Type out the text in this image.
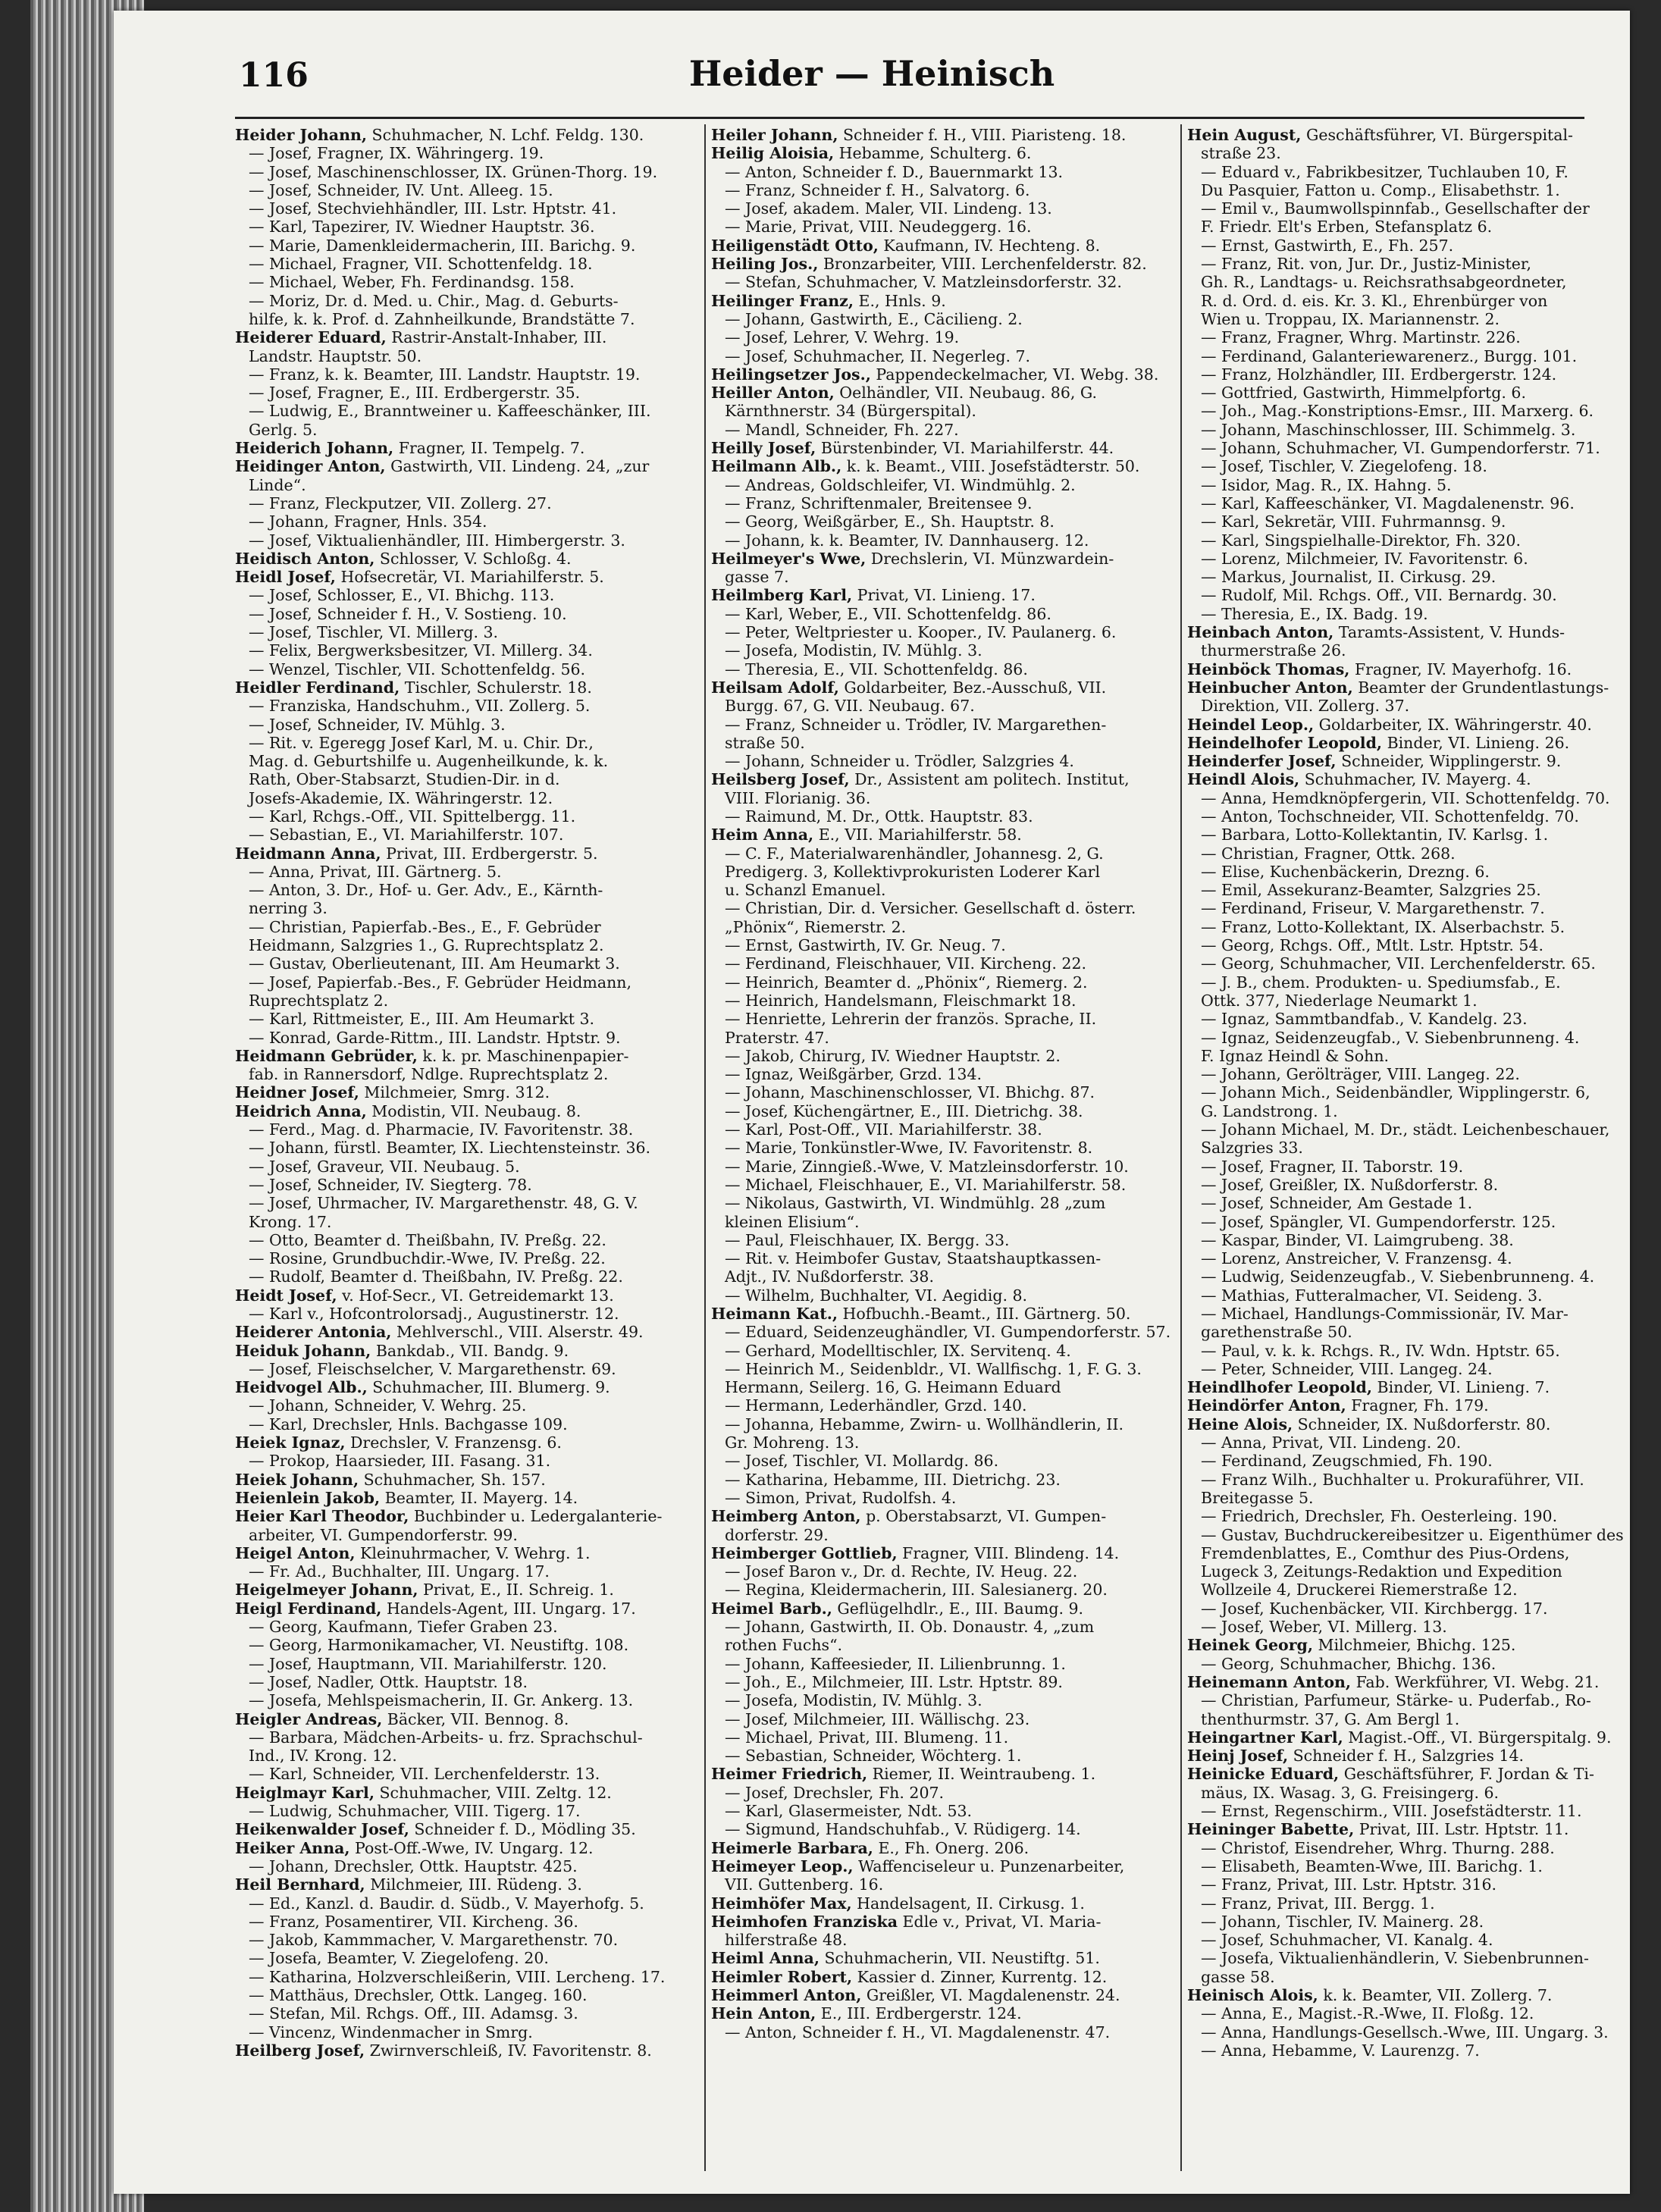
116	Heider — Heinisch
Heider Johann, Schuhmacher, N. Lchf. Feldg. 130.
— Josef, Fragner, IX. Währingerg. 19.
— Josef, Maschinenschlosser, IX. Grünen-Thorg. 19.
— Josef, Schneider, IV. Unt. Alleeg. 15.
— Josef, Stechviehhändler, III. Lstr. Hptstr. 41.
— Karl, Tapezirer, IV. Wiedner Hauptstr. 36.
— Marie, Damenkleidermacherin, III. Barichg. 9.
— Michael, Fragner, VII. Schottenfeldg. 18.
— Michael, Weber, Fh. Ferdinandsg. 158.
— Moriz, Dr. d. Med. u. Chir., Mag. d. Geburts-
hilfe, k. k. Prof. d. Zahnheilkunde, Brandstätte 7.
Heiderer Eduard, Rastrir-Anstalt-Inhaber, III.
Landstr. Hauptstr. 50.
— Franz, k. k. Beamter, III. Landstr. Hauptstr. 19.
— Josef, Fragner, E., III. Erdbergerstr. 35.
— Ludwig, E., Branntweiner u. Kaffeeschänker, III.
Gerlg. 5.
Heiderich Johann, Fragner, II. Tempelg. 7.
Heidinger Anton, Gastwirth, VII. Lindeng. 24, „zur
Linde“.
— Franz, Fleckputzer, VII. Zollerg. 27.
— Johann, Fragner, Hnls. 354.
— Josef, Viktualienhändler, III. Himbergerstr. 3.
Heidisch Anton, Schlosser, V. Schloßg. 4.
Heidl Josef, Hofsecretär, VI. Mariahilferstr. 5.
— Josef, Schlosser, E., VI. Bhichg. 113.
— Josef, Schneider f. H., V. Sostieng. 10.
— Josef, Tischler, VI. Millerg. 3.
— Felix, Bergwerksbesitzer, VI. Millerg. 34.
— Wenzel, Tischler, VII. Schottenfeldg. 56.
Heidler Ferdinand, Tischler, Schulerstr. 18.
— Franziska, Handschuhm., VII. Zollerg. 5.
— Josef, Schneider, IV. Mühlg. 3.
— Rit. v. Egeregg Josef Karl, M. u. Chir. Dr.,
Mag. d. Geburtshilfe u. Augenheilkunde, k. k.
Rath, Ober-Stabsarzt, Studien-Dir. in d.
Josefs-Akademie, IX. Währingerstr. 12.
— Karl, Rchgs.-Off., VII. Spittelbergg. 11.
— Sebastian, E., VI. Mariahilferstr. 107.
Heidmann Anna, Privat, III. Erdbergerstr. 5.
— Anna, Privat, III. Gärtnerg. 5.
— Anton, 3. Dr., Hof- u. Ger. Adv., E., Kärnth-
nerring 3.
— Christian, Papierfab.-Bes., E., F. Gebrüder
Heidmann, Salzgries 1., G. Ruprechtsplatz 2.
— Gustav, Oberlieutenant, III. Am Heumarkt 3.
— Josef, Papierfab.-Bes., F. Gebrüder Heidmann,
Ruprechtsplatz 2.
— Karl, Rittmeister, E., III. Am Heumarkt 3.
— Konrad, Garde-Rittm., III. Landstr. Hptstr. 9.
Heidmann Gebrüder, k. k. pr. Maschinenpapier-
fab. in Rannersdorf, Ndlge. Ruprechtsplatz 2.
Heidner Josef, Milchmeier, Smrg. 312.
Heidrich Anna, Modistin, VII. Neubaug. 8.
— Ferd., Mag. d. Pharmacie, IV. Favoritenstr. 38.
— Johann, fürstl. Beamter, IX. Liechtensteinstr. 36.
— Josef, Graveur, VII. Neubaug. 5.
— Josef, Schneider, IV. Siegterg. 78.
— Josef, Uhrmacher, IV. Margarethenstr. 48, G. V.
Krong. 17.
— Otto, Beamter d. Theißbahn, IV. Preßg. 22.
— Rosine, Grundbuchdir.-Wwe, IV. Preßg. 22.
— Rudolf, Beamter d. Theißbahn, IV. Preßg. 22.
Heidt Josef, v. Hof-Secr., VI. Getreidemarkt 13.
— Karl v., Hofcontrolorsadj., Augustinerstr. 12.
Heiderer Antonia, Mehlverschl., VIII. Alserstr. 49.
Heiduk Johann, Bankdab., VII. Bandg. 9.
— Josef, Fleischselcher, V. Margarethenstr. 69.
Heidvogel Alb., Schuhmacher, III. Blumerg. 9.
— Johann, Schneider, V. Wehrg. 25.
— Karl, Drechsler, Hnls. Bachgasse 109.
Heiek Ignaz, Drechsler, V. Franzensg. 6.
— Prokop, Haarsieder, III. Fasang. 31.
Heiek Johann, Schuhmacher, Sh. 157.
Heienlein Jakob, Beamter, II. Mayerg. 14.
Heier Karl Theodor, Buchbinder u. Ledergalanterie-
arbeiter, VI. Gumpendorferstr. 99.
Heigel Anton, Kleinuhrmacher, V. Wehrg. 1.
— Fr. Ad., Buchhalter, III. Ungarg. 17.
Heigelmeyer Johann, Privat, E., II. Schreig. 1.
Heigl Ferdinand, Handels-Agent, III. Ungarg. 17.
— Georg, Kaufmann, Tiefer Graben 23.
— Georg, Harmonikamacher, VI. Neustiftg. 108.
— Josef, Hauptmann, VII. Mariahilferstr. 120.
— Josef, Nadler, Ottk. Hauptstr. 18.
— Josefa, Mehlspeismacherin, II. Gr. Ankerg. 13.
Heigler Andreas, Bäcker, VII. Bennog. 8.
— Barbara, Mädchen-Arbeits- u. frz. Sprachschul-
Ind., IV. Krong. 12.
— Karl, Schneider, VII. Lerchenfelderstr. 13.
Heiglmayr Karl, Schuhmacher, VIII. Zeltg. 12.
— Ludwig, Schuhmacher, VIII. Tigerg. 17.
Heikenwalder Josef, Schneider f. D., Mödling 35.
Heiker Anna, Post-Off.-Wwe, IV. Ungarg. 12.
— Johann, Drechsler, Ottk. Hauptstr. 425.
Heil Bernhard, Milchmeier, III. Rüdeng. 3.
— Ed., Kanzl. d. Baudir. d. Südb., V. Mayerhofg. 5.
— Franz, Posamentirer, VII. Kircheng. 36.
— Jakob, Kammmacher, V. Margarethenstr. 70.
— Josefa, Beamter, V. Ziegelofeng. 20.
— Katharina, Holzverschleißerin, VIII. Lercheng. 17.
— Matthäus, Drechsler, Ottk. Langeg. 160.
— Stefan, Mil. Rchgs. Off., III. Adamsg. 3.
— Vincenz, Windenmacher in Smrg.
Heilberg Josef, Zwirnverschleiß, IV. Favoritenstr. 8.
Heiler Johann, Schneider f. H., VIII. Piaristeng. 18.
Heilig Aloisia, Hebamme, Schulterg. 6.
— Anton, Schneider f. D., Bauernmarkt 13.
— Franz, Schneider f. H., Salvatorg. 6.
— Josef, akadem. Maler, VII. Lindeng. 13.
— Marie, Privat, VIII. Neudeggerg. 16.
Heiligenstädt Otto, Kaufmann, IV. Hechteng. 8.
Heiling Jos., Bronzarbeiter, VIII. Lerchenfelderstr. 82.
— Stefan, Schuhmacher, V. Matzleinsdorferstr. 32.
Heilinger Franz, E., Hnls. 9.
— Johann, Gastwirth, E., Cäcilieng. 2.
— Josef, Lehrer, V. Wehrg. 19.
— Josef, Schuhmacher, II. Negerleg. 7.
Heilingsetzer Jos., Pappendeckelmacher, VI. Webg. 38.
Heiller Anton, Oelhändler, VII. Neubaug. 86, G.
Kärnthnerstr. 34 (Bürgerspital).
— Mandl, Schneider, Fh. 227.
Heilly Josef, Bürstenbinder, VI. Mariahilferstr. 44.
Heilmann Alb., k. k. Beamt., VIII. Josefstädterstr. 50.
— Andreas, Goldschleifer, VI. Windmühlg. 2.
— Franz, Schriftenmaler, Breitensee 9.
— Georg, Weißgärber, E., Sh. Hauptstr. 8.
— Johann, k. k. Beamter, IV. Dannhauserg. 12.
Heilmeyer's Wwe, Drechslerin, VI. Münzwardein-
gasse 7.
Heilmberg Karl, Privat, VI. Linieng. 17.
— Karl, Weber, E., VII. Schottenfeldg. 86.
— Peter, Weltpriester u. Kooper., IV. Paulanerg. 6.
— Josefa, Modistin, IV. Mühlg. 3.
— Theresia, E., VII. Schottenfeldg. 86.
Heilsam Adolf, Goldarbeiter, Bez.-Ausschuß, VII.
Burgg. 67, G. VII. Neubaug. 67.
— Franz, Schneider u. Trödler, IV. Margarethen-
straße 50.
— Johann, Schneider u. Trödler, Salzgries 4.
Heilsberg Josef, Dr., Assistent am politech. Institut,
VIII. Florianig. 36.
— Raimund, M. Dr., Ottk. Hauptstr. 83.
Heim Anna, E., VII. Mariahilferstr. 58.
— C. F., Materialwarenhändler, Johannesg. 2, G.
Predigerg. 3, Kollektivprokuristen Loderer Karl
u. Schanzl Emanuel.
— Christian, Dir. d. Versicher. Gesellschaft d. österr.
„Phönix“, Riemerstr. 2.
— Ernst, Gastwirth, IV. Gr. Neug. 7.
— Ferdinand, Fleischhauer, VII. Kircheng. 22.
— Heinrich, Beamter d. „Phönix“, Riemerg. 2.
— Heinrich, Handelsmann, Fleischmarkt 18.
— Henriette, Lehrerin der französ. Sprache, II.
Praterstr. 47.
— Jakob, Chirurg, IV. Wiedner Hauptstr. 2.
— Ignaz, Weißgärber, Grzd. 134.
— Johann, Maschinenschlosser, VI. Bhichg. 87.
— Josef, Küchengärtner, E., III. Dietrichg. 38.
— Karl, Post-Off., VII. Mariahilferstr. 38.
— Marie, Tonkünstler-Wwe, IV. Favoritenstr. 8.
— Marie, Zinngieß.-Wwe, V. Matzleinsdorferstr. 10.
— Michael, Fleischhauer, E., VI. Mariahilferstr. 58.
— Nikolaus, Gastwirth, VI. Windmühlg. 28 „zum
kleinen Elisium“.
— Paul, Fleischhauer, IX. Bergg. 33.
— Rit. v. Heimbofer Gustav, Staatshauptkassen-
Adjt., IV. Nußdorferstr. 38.
— Wilhelm, Buchhalter, VI. Aegidig. 8.
Heimann Kat., Hofbuchh.-Beamt., III. Gärtnerg. 50.
— Eduard, Seidenzeughändler, VI. Gumpendorferstr. 57.
— Gerhard, Modelltischler, IX. Servitenq. 4.
— Heinrich M., Seidenbldr., VI. Wallfischg. 1, F. G. 3.
Hermann, Seilerg. 16, G. Heimann Eduard
— Hermann, Lederhändler, Grzd. 140.
— Johanna, Hebamme, Zwirn- u. Wollhändlerin, II.
Gr. Mohreng. 13.
— Josef, Tischler, VI. Mollardg. 86.
— Katharina, Hebamme, III. Dietrichg. 23.
— Simon, Privat, Rudolfsh. 4.
Heimberg Anton, p. Oberstabsarzt, VI. Gumpen-
dorferstr. 29.
Heimberger Gottlieb, Fragner, VIII. Blindeng. 14.
— Josef Baron v., Dr. d. Rechte, IV. Heug. 22.
— Regina, Kleidermacherin, III. Salesianerg. 20.
Heimel Barb., Geflügelhdlr., E., III. Baumg. 9.
— Johann, Gastwirth, II. Ob. Donaustr. 4, „zum
rothen Fuchs“.
— Johann, Kaffeesieder, II. Lilienbrunng. 1.
— Joh., E., Milchmeier, III. Lstr. Hptstr. 89.
— Josefa, Modistin, IV. Mühlg. 3.
— Josef, Milchmeier, III. Wällischg. 23.
— Michael, Privat, III. Blumeng. 11.
— Sebastian, Schneider, Wöchterg. 1.
Heimer Friedrich, Riemer, II. Weintraubeng. 1.
— Josef, Drechsler, Fh. 207.
— Karl, Glasermeister, Ndt. 53.
— Sigmund, Handschuhfab., V. Rüdigerg. 14.
Heimerle Barbara, E., Fh. Onerg. 206.
Heimeyer Leop., Waffenciseleur u. Punzenarbeiter,
VII. Guttenberg. 16.
Heimhöfer Max, Handelsagent, II. Cirkusg. 1.
Heimhofen Franziska Edle v., Privat, VI. Maria-
hilferstraße 48.
Heiml Anna, Schuhmacherin, VII. Neustiftg. 51.
Heimler Robert, Kassier d. Zinner, Kurrentg. 12.
Heimmerl Anton, Greißler, VI. Magdalenenstr. 24.
Hein Anton, E., III. Erdbergerstr. 124.
— Anton, Schneider f. H., VI. Magdalenenstr. 47.
Hein August, Geschäftsführer, VI. Bürgerspital-
straße 23.
— Eduard v., Fabrikbesitzer, Tuchlauben 10, F.
Du Pasquier, Fatton u. Comp., Elisabethstr. 1.
— Emil v., Baumwollspinnfab., Gesellschafter der
F. Friedr. Elt's Erben, Stefansplatz 6.
— Ernst, Gastwirth, E., Fh. 257.
— Franz, Rit. von, Jur. Dr., Justiz-Minister,
Gh. R., Landtags- u. Reichsrathsabgeordneter,
R. d. Ord. d. eis. Kr. 3. Kl., Ehrenbürger von
Wien u. Troppau, IX. Mariannenstr. 2.
— Franz, Fragner, Whrg. Martinstr. 226.
— Ferdinand, Galanteriewarenerz., Burgg. 101.
— Franz, Holzhändler, III. Erdbergerstr. 124.
— Gottfried, Gastwirth, Himmelpfortg. 6.
— Joh., Mag.-Konstriptions-Emsr., III. Marxerg. 6.
— Johann, Maschinschlosser, III. Schimmelg. 3.
— Johann, Schuhmacher, VI. Gumpendorferstr. 71.
— Josef, Tischler, V. Ziegelofeng. 18.
— Isidor, Mag. R., IX. Hahng. 5.
— Karl, Kaffeeschänker, VI. Magdalenenstr. 96.
— Karl, Sekretär, VIII. Fuhrmannsg. 9.
— Karl, Singspielhalle-Direktor, Fh. 320.
— Lorenz, Milchmeier, IV. Favoritenstr. 6.
— Markus, Journalist, II. Cirkusg. 29.
— Rudolf, Mil. Rchgs. Off., VII. Bernardg. 30.
— Theresia, E., IX. Badg. 19.
Heinbach Anton, Taramts-Assistent, V. Hunds-
thurmerstraße 26.
Heinböck Thomas, Fragner, IV. Mayerhofg. 16.
Heinbucher Anton, Beamter der Grundentlastungs-
Direktion, VII. Zollerg. 37.
Heindel Leop., Goldarbeiter, IX. Währingerstr. 40.
Heindelhofer Leopold, Binder, VI. Linieng. 26.
Heinderfer Josef, Schneider, Wipplingerstr. 9.
Heindl Alois, Schuhmacher, IV. Mayerg. 4.
— Anna, Hemdknöpfergerin, VII. Schottenfeldg. 70.
— Anton, Tochschneider, VII. Schottenfeldg. 70.
— Barbara, Lotto-Kollektantin, IV. Karlsg. 1.
— Christian, Fragner, Ottk. 268.
— Elise, Kuchenbäckerin, Drezng. 6.
— Emil, Assekuranz-Beamter, Salzgries 25.
— Ferdinand, Friseur, V. Margarethenstr. 7.
— Franz, Lotto-Kollektant, IX. Alserbachstr. 5.
— Georg, Rchgs. Off., Mtlt. Lstr. Hptstr. 54.
— Georg, Schuhmacher, VII. Lerchenfelderstr. 65.
— J. B., chem. Produkten- u. Spediumsfab., E.
Ottk. 377, Niederlage Neumarkt 1.
— Ignaz, Sammtbandfab., V. Kandelg. 23.
— Ignaz, Seidenzeugfab., V. Siebenbrunneng. 4.
F. Ignaz Heindl & Sohn.
— Johann, Gerölträger, VIII. Langeg. 22.
— Johann Mich., Seidenbändler, Wipplingerstr. 6,
G. Landstrong. 1.
— Johann Michael, M. Dr., städt. Leichenbeschauer,
Salzgries 33.
— Josef, Fragner, II. Taborstr. 19.
— Josef, Greißler, IX. Nußdorferstr. 8.
— Josef, Schneider, Am Gestade 1.
— Josef, Spängler, VI. Gumpendorferstr. 125.
— Kaspar, Binder, VI. Laimgrubeng. 38.
— Lorenz, Anstreicher, V. Franzensg. 4.
— Ludwig, Seidenzeugfab., V. Siebenbrunneng. 4.
— Mathias, Futteralmacher, VI. Seideng. 3.
— Michael, Handlungs-Commissionär, IV. Mar-
garethenstraße 50.
— Paul, v. k. k. Rchgs. R., IV. Wdn. Hptstr. 65.
— Peter, Schneider, VIII. Langeg. 24.
Heindlhofer Leopold, Binder, VI. Linieng. 7.
Heindörfer Anton, Fragner, Fh. 179.
Heine Alois, Schneider, IX. Nußdorferstr. 80.
— Anna, Privat, VII. Lindeng. 20.
— Ferdinand, Zeugschmied, Fh. 190.
— Franz Wilh., Buchhalter u. Prokuraführer, VII.
Breitegasse 5.
— Friedrich, Drechsler, Fh. Oesterleing. 190.
— Gustav, Buchdruckereibesitzer u. Eigenthümer des
Fremdenblattes, E., Comthur des Pius-Ordens,
Lugeck 3, Zeitungs-Redaktion und Expedition
Wollzeile 4, Druckerei Riemerstraße 12.
— Josef, Kuchenbäcker, VII. Kirchbergg. 17.
— Josef, Weber, VI. Millerg. 13.
Heinek Georg, Milchmeier, Bhichg. 125.
— Georg, Schuhmacher, Bhichg. 136.
Heinemann Anton, Fab. Werkführer, VI. Webg. 21.
— Christian, Parfumeur, Stärke- u. Puderfab., Ro-
thenthurmstr. 37, G. Am Bergl 1.
Heingartner Karl, Magist.-Off., VI. Bürgerspitalg. 9.
Heinj Josef, Schneider f. H., Salzgries 14.
Heinicke Eduard, Geschäftsführer, F. Jordan & Ti-
mäus, IX. Wasag. 3, G. Freisingerg. 6.
— Ernst, Regenschirm., VIII. Josefstädterstr. 11.
Heininger Babette, Privat, III. Lstr. Hptstr. 11.
— Christof, Eisendreher, Whrg. Thurng. 288.
— Elisabeth, Beamten-Wwe, III. Barichg. 1.
— Franz, Privat, III. Lstr. Hptstr. 316.
— Franz, Privat, III. Bergg. 1.
— Johann, Tischler, IV. Mainerg. 28.
— Josef, Schuhmacher, VI. Kanalg. 4.
— Josefa, Viktualienhändlerin, V. Siebenbrunnen-
gasse 58.
Heinisch Alois, k. k. Beamter, VII. Zollerg. 7.
— Anna, E., Magist.-R.-Wwe, II. Floßg. 12.
— Anna, Handlungs-Gesellsch.-Wwe, III. Ungarg. 3.
— Anna, Hebamme, V. Laurenzg. 7.
